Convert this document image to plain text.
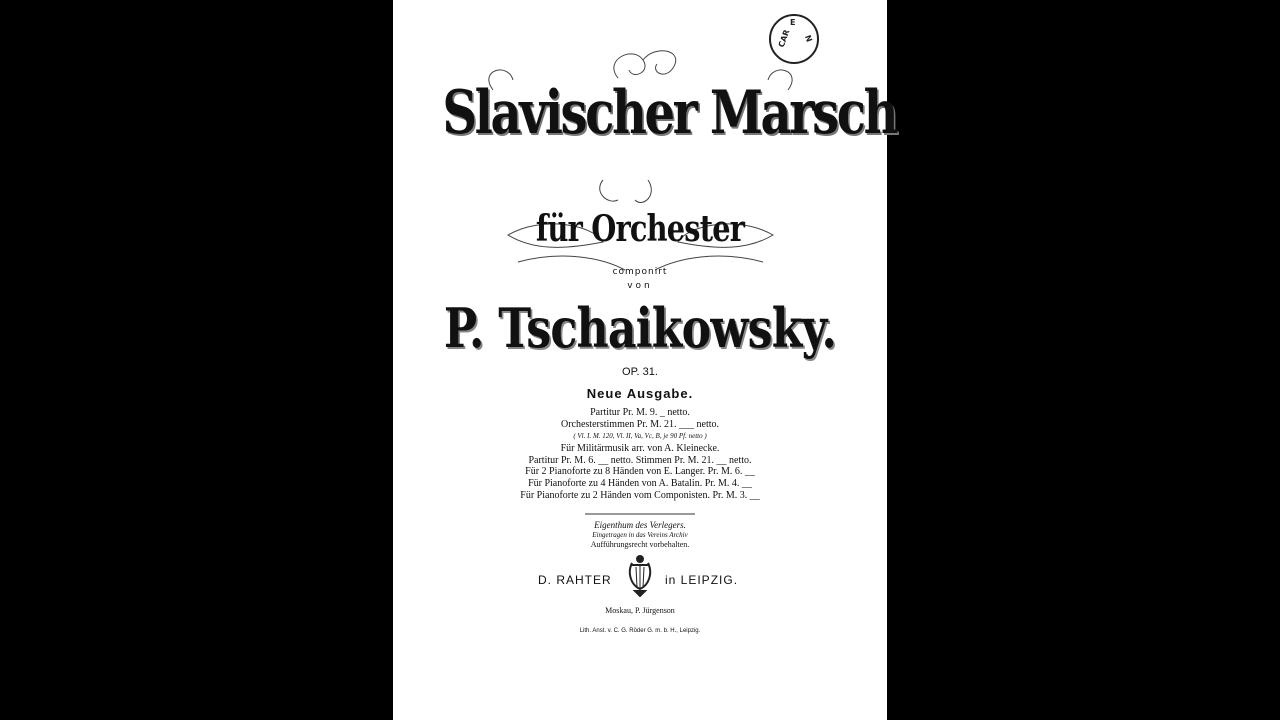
CAR
E
N
Slavischer Marsch
für Orchester
componirt
von
P. Tschaikowsky.
OP. 31.
Neue Ausgabe.
Partitur Pr. M. 9. _ netto.
Orchesterstimmen Pr. M. 21. ___ netto.
( Vl. I. M. 120, Vl. II, Va, Vc, B, je 90 Pf. netto )
Für Militärmusik arr. von A. Kleinecke.
Partitur Pr. M. 6. __ netto. Stimmen Pr. M. 21. __ netto.
Für 2 Pianoforte zu 8 Händen von E. Langer. Pr. M. 6. __
Für Pianoforte zu 4 Händen von A. Batalin. Pr. M. 4. __
Für Pianoforte zu 2 Händen vom Componisten. Pr. M. 3. __
Eigenthum des Verlegers.
Eingetragen in das Vereins Archiv
Aufführungsrecht vorbehalten.
D. RAHTER	in LEIPZIG.
Moskau, P. Jürgenson
Lith. Anst. v. C. G. Röder G. m. b. H., Leipzig.
